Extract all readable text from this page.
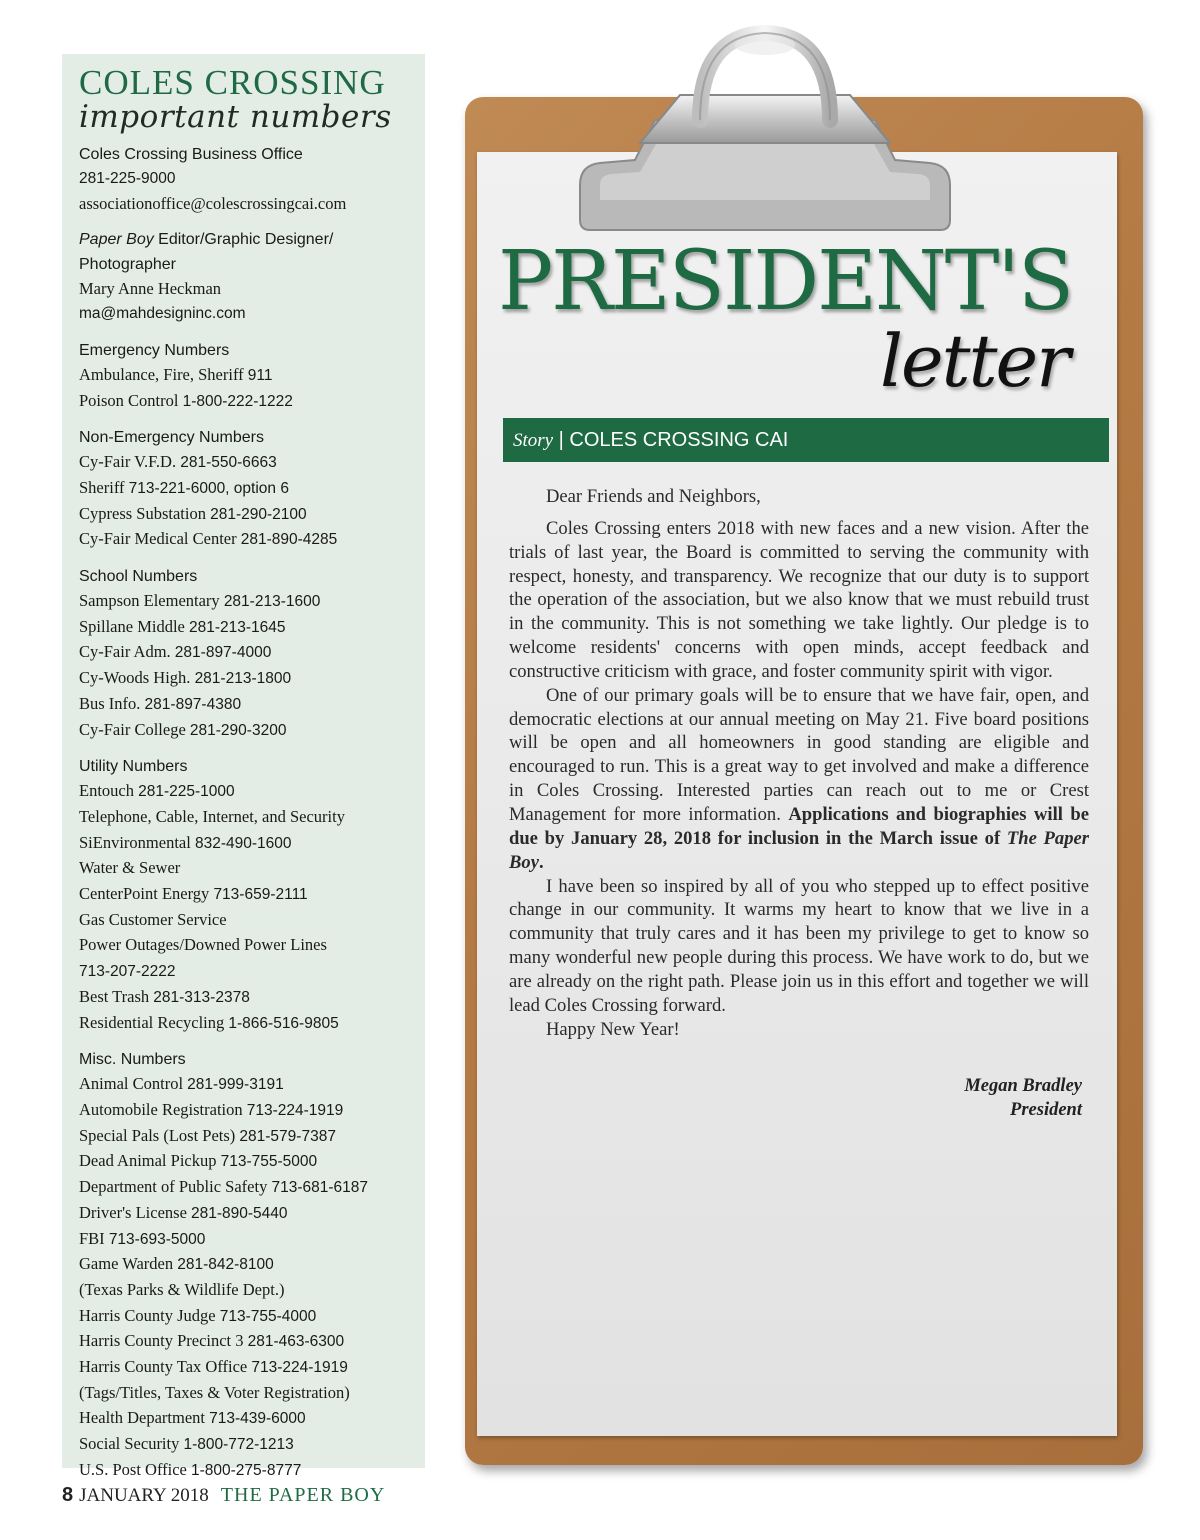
COLES CROSSING
important numbers
Coles Crossing Business Office
281-225-9000
associationoffice@colescrossingcai.com
Paper Boy Editor/Graphic Designer/
Photographer
Mary Anne Heckman
ma@mahdesigninc.com
Emergency Numbers
Ambulance, Fire, Sheriff 911
Poison Control 1-800-222-1222
Non-Emergency Numbers
Cy-Fair V.F.D. 281-550-6663
Sheriff 713-221-6000, option 6
Cypress Substation 281-290-2100
Cy-Fair Medical Center 281-890-4285
School Numbers
Sampson Elementary 281-213-1600
Spillane Middle 281-213-1645
Cy-Fair Adm. 281-897-4000
Cy-Woods High. 281-213-1800
Bus Info. 281-897-4380
Cy-Fair College 281-290-3200
Utility Numbers
Entouch 281-225-1000
Telephone, Cable, Internet, and Security
SiEnvironmental 832-490-1600
Water & Sewer
CenterPoint Energy 713-659-2111
Gas Customer Service
Power Outages/Downed Power Lines
713-207-2222
Best Trash 281-313-2378
Residential Recycling 1-866-516-9805
Misc. Numbers
Animal Control 281-999-3191
Automobile Registration 713-224-1919
Special Pals (Lost Pets) 281-579-7387
Dead Animal Pickup 713-755-5000
Department of Public Safety 713-681-6187
Driver's License 281-890-5440
FBI 713-693-5000
Game Warden 281-842-8100
(Texas Parks & Wildlife Dept.)
Harris County Judge 713-755-4000
Harris County Precinct 3 281-463-6300
Harris County Tax Office 713-224-1919
(Tags/Titles, Taxes & Voter Registration)
Health Department 713-439-6000
Social Security 1-800-772-1213
U.S. Post Office 1-800-275-8777
8 JANUARY 2018 THE PAPER BOY
PRESIDENT'S
letter
Story | COLES CROSSING CAI

Dear Friends and Neighbors,

Coles Crossing enters 2018 with new faces and a new vision. After the trials of last year, the Board is committed to serving the community with respect, honesty, and transparency. We recognize that our duty is to support the operation of the association, but we also know that we must rebuild trust in the community. This is not something we take lightly. Our pledge is to welcome residents' concerns with open minds, accept feedback and constructive criticism with grace, and foster community spirit with vigor.

One of our primary goals will be to ensure that we have fair, open, and democratic elections at our annual meeting on May 21. Five board positions will be open and all homeowners in good standing are eligible and encouraged to run. This is a great way to get involved and make a difference in Coles Crossing. Interested parties can reach out to me or Crest Management for more information. Applications and biographies will be due by January 28, 2018 for inclusion in the March issue of The Paper Boy.

I have been so inspired by all of you who stepped up to effect positive change in our community. It warms my heart to know that we live in a community that truly cares and it has been my privilege to get to know so many wonderful new people during this process. We have work to do, but we are already on the right path. Please join us in this effort and together we will lead Coles Crossing forward.

Happy New Year!

Megan Bradley
President
